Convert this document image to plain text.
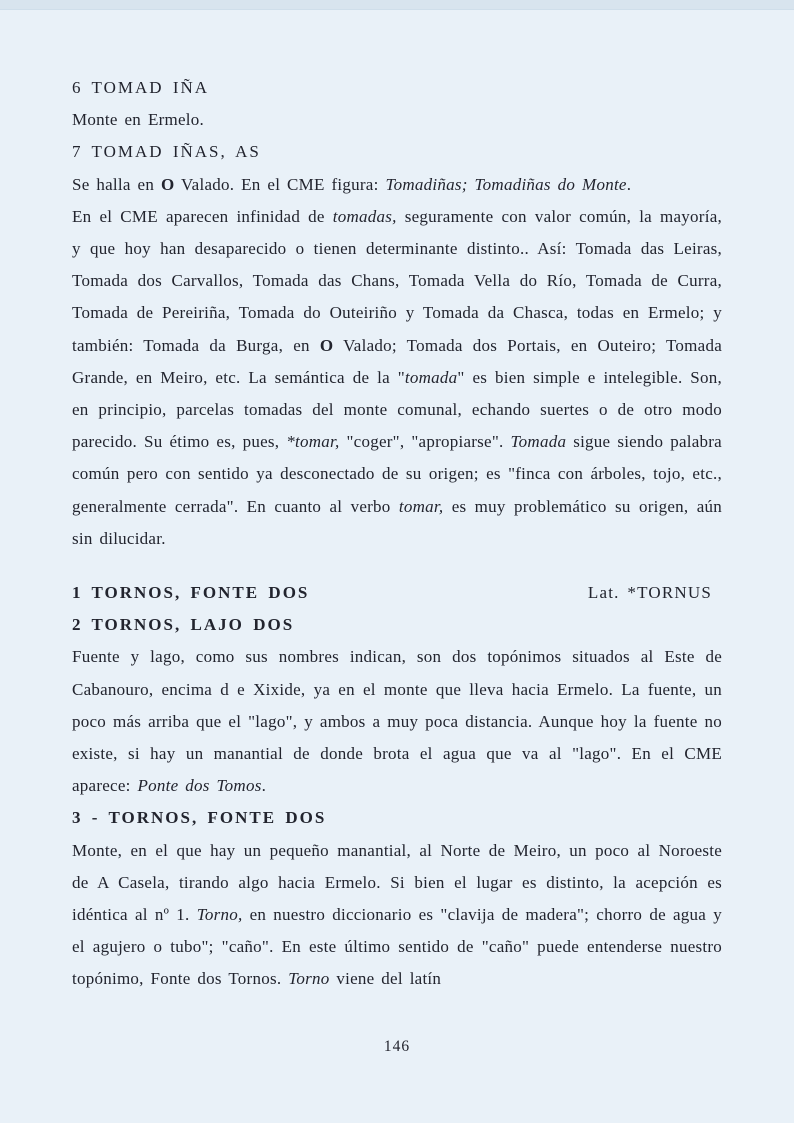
6 TOMAD IÑA
Monte en Ermelo.
7 TOMAD IÑAS, AS
Se halla en O Valado. En el CME figura: Tomadiñas; Tomadiñas do Monte.
En el CME aparecen infinidad de tomadas, seguramente con valor común, la mayoría, y que hoy han desaparecido o tienen determinante distinto.. Así: Tomada das Leiras, Tomada dos Carvallos, Tomada das Chans, Tomada Vella do Río, Tomada de Curra, Tomada de Pereiriña, Tomada do Outeiriño y Tomada da Chasca, todas en Ermelo; y también: Tomada da Burga, en O Valado; Tomada dos Portais, en Outeiro; Tomada Grande, en Meiro, etc. La semántica de la "tomada" es bien simple e intelegible. Son, en principio, parcelas tomadas del monte comunal, echando suertes o de otro modo parecido. Su étimo es, pues, *tomar, "coger", "apropiarse". Tomada sigue siendo palabra común pero con sentido ya desconectado de su origen; es "finca con árboles, tojo, etc., generalmente cerrada". En cuanto al verbo tomar, es muy problemático su origen, aún sin dilucidar.
1 TORNOS, FONTE DOS	Lat. *TORNUS
2 TORNOS, LAJO DOS
Fuente y lago, como sus nombres indican, son dos topónimos situados al Este de Cabanouro, encima d e Xixide, ya en el monte que lleva hacia Ermelo. La fuente, un poco más arriba que el "lago", y ambos a muy poca distancia. Aunque hoy la fuente no existe, si hay un manantial de donde brota el agua que va al "lago". En el CME aparece: Ponte dos Tomos.
3 - TORNOS, FONTE DOS
Monte, en el que hay un pequeño manantial, al Norte de Meiro, un poco al Noroeste de A Casela, tirando algo hacia Ermelo. Si bien el lugar es distinto, la acepción es idéntica al nº 1. Torno, en nuestro diccionario es "clavija de madera"; chorro de agua y el agujero o tubo"; "caño". En este último sentido de "caño" puede entenderse nuestro topónimo, Fonte dos Tornos. Torno viene del latín
146
